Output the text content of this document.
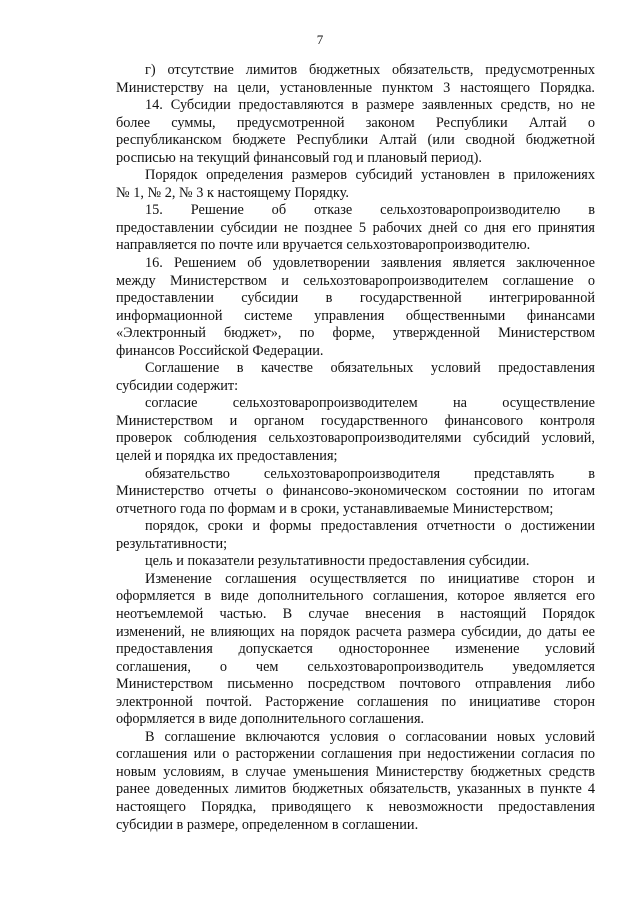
7
г) отсутствие лимитов бюджетных обязательств, предусмотренных
Министерству на цели, установленные пунктом 3 настоящего Порядка.
14. Субсидии предоставляются в размере заявленных средств, но не
более суммы, предусмотренной законом Республики Алтай о
республиканском бюджете Республики Алтай (или сводной бюджетной
росписью на текущий финансовый год и плановый период).
Порядок определения размеров субсидий установлен в приложениях
№ 1, № 2, № 3 к настоящему Порядку.
15. Решение об отказе сельхозтоваропроизводителю в
предоставлении субсидии не позднее 5 рабочих дней со дня его принятия
направляется по почте или вручается сельхозтоваропроизводителю.
16. Решением об удовлетворении заявления является заключенное
между Министерством и сельхозтоваропроизводителем соглашение о
предоставлении субсидии в государственной интегрированной
информационной системе управления общественными финансами
«Электронный бюджет», по форме, утвержденной Министерством
финансов Российской Федерации.
Соглашение в качестве обязательных условий предоставления
субсидии содержит:
согласие сельхозтоваропроизводителем на осуществление
Министерством и органом государственного финансового контроля
проверок соблюдения сельхозтоваропроизводителями субсидий условий,
целей и порядка их предоставления;
обязательство сельхозтоваропроизводителя представлять в
Министерство отчеты о финансово-экономическом состоянии по итогам
отчетного года по формам и в сроки, устанавливаемые Министерством;
порядок, сроки и формы предоставления отчетности о достижении
результативности;
цель и показатели результативности предоставления субсидии.
Изменение соглашения осуществляется по инициативе сторон и
оформляется в виде дополнительного соглашения, которое является его
неотъемлемой частью. В случае внесения в настоящий Порядок
изменений, не влияющих на порядок расчета размера субсидии, до даты ее
предоставления допускается одностороннее изменение условий
соглашения, о чем сельхозтоваропроизводитель уведомляется
Министерством письменно посредством почтового отправления либо
электронной почтой. Расторжение соглашения по инициативе сторон
оформляется в виде дополнительного соглашения.
В соглашение включаются условия о согласовании новых условий
соглашения или о расторжении соглашения при недостижении согласия по
новым условиям, в случае уменьшения Министерству бюджетных средств
ранее доведенных лимитов бюджетных обязательств, указанных в пункте 4
настоящего Порядка, приводящего к невозможности предоставления
субсидии в размере, определенном в соглашении.
